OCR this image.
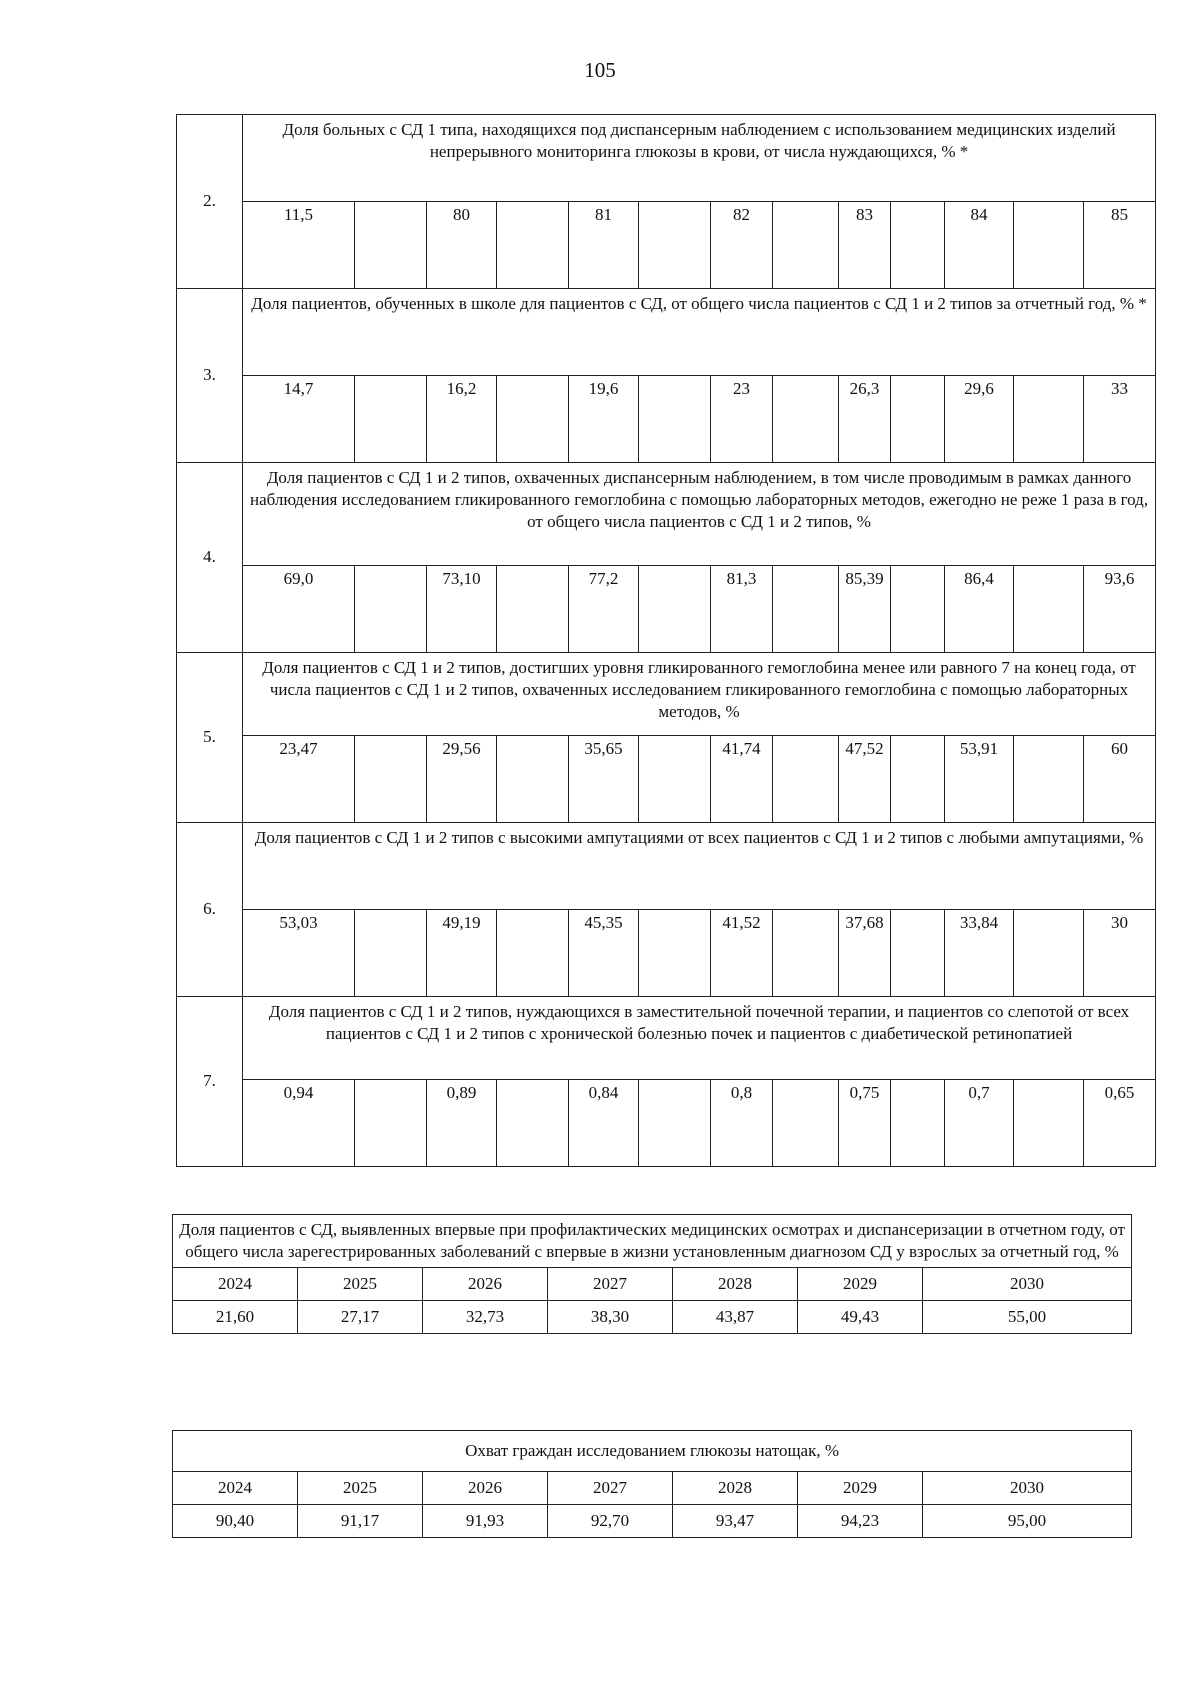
105
2.	Доля больных с СД 1 типа, находящихся под диспансерным наблюдением с использованием медицинских изделий непрерывного мониторинга глюкозы в крови, от числа нуждающихся, % *												
	11,5		80		81		82		83		84		85
3.	Доля пациентов, обученных в школе для пациентов с СД, от общего числа пациентов с СД 1 и 2 типов за отчетный год, % *												
	14,7		16,2		19,6		23		26,3		29,6		33
4.	Доля пациентов с СД 1 и 2 типов, охваченных диспансерным наблюдением, в том числе проводимым в рамках данного наблюдения исследованием гликированного гемоглобина с помощью лабораторных методов, ежегодно не реже 1 раза в год, от общего числа пациентов с СД 1 и 2 типов, %												
	69,0		73,10		77,2		81,3		85,39		86,4		93,6
5.	Доля пациентов с СД 1 и 2 типов, достигших уровня гликированного гемоглобина менее или равного 7 на конец года, от числа пациентов с СД 1 и 2 типов, охваченных исследованием гликированного гемоглобина с помощью лабораторных методов, %												
	23,47		29,56		35,65		41,74		47,52		53,91		60
6.	Доля пациентов с СД 1 и 2 типов с высокими ампутациями от всех пациентов с СД 1 и 2 типов с любыми ампутациями, %												
	53,03		49,19		45,35		41,52		37,68		33,84		30
7.	Доля пациентов с СД 1 и 2 типов, нуждающихся в заместительной почечной терапии, и пациентов со слепотой от всех пациентов с СД 1 и 2 типов с хронической болезнью почек и пациентов с диабетической ретинопатией												
	0,94		0,89		0,84		0,8		0,75		0,7		0,65
Доля пациентов с СД, выявленных впервые при профилактических медицинских осмотрах и диспансеризации в отчетном году, от общего числа зарегестрированных заболеваний с впервые в жизни установленным диагнозом СД у взрослых за отчетный год, %						
2024	2025	2026	2027	2028	2029	2030
21,60	27,17	32,73	38,30	43,87	49,43	55,00
Охват граждан исследованием глюкозы натощак, %						
2024	2025	2026	2027	2028	2029	2030
90,40	91,17	91,93	92,70	93,47	94,23	95,00
